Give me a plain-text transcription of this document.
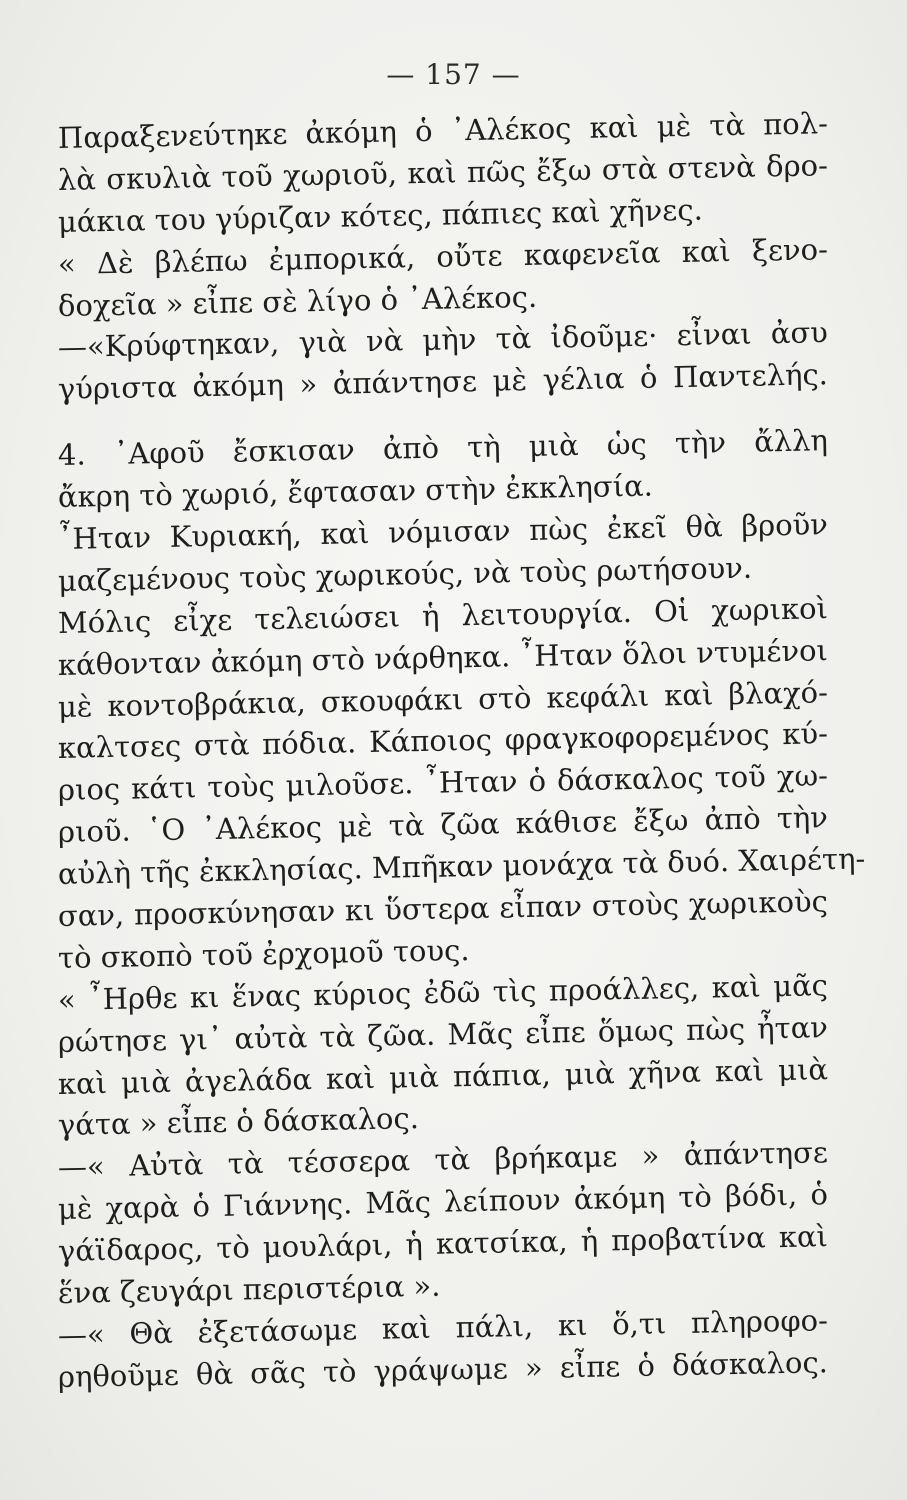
— 157 —
Παραξενεύτηκε ἀκόμη ὁ ᾽Αλέκος καὶ μὲ τὰ πολ-
λὰ σκυλιὰ τοῦ χωριοῦ, καὶ πῶς ἔξω στὰ στενὰ δρο-
μάκια του γύριζαν κότες, πάπιες καὶ χῆνες.
« Δὲ βλέπω ἐμπορικά, οὔτε καφενεῖα καὶ ξενο-
δοχεῖα » εἶπε σὲ λίγο ὁ ᾽Αλέκος.
—«Κρύφτηκαν, γιὰ νὰ μὴν τὰ ἰδοῦμε· εἶναι ἀσυ
γύριστα ἀκόμη » ἀπάντησε μὲ γέλια ὁ Παντελής.
4. ᾽Αφοῦ ἔσκισαν ἀπὸ τὴ μιὰ ὡς τὴν ἄλλη
ἄκρη τὸ χωριό, ἔφτασαν στὴν ἐκκλησία.
῏Ηταν Κυριακή, καὶ νόμισαν πὼς ἐκεῖ θὰ βροῦν
μαζεμένους τοὺς χωρικούς, νὰ τοὺς ρωτήσουν.
Μόλις εἶχε τελειώσει ἡ λειτουργία. Οἱ χωρικοὶ
κάθονταν ἀκόμη στὸ νάρθηκα. ῏Ηταν ὅλοι ντυμένοι
μὲ κοντοβράκια, σκουφάκι στὸ κεφάλι καὶ βλαχό-
καλτσες στὰ πόδια. Κάποιος φραγκοφορεμένος κύ-
ριος κάτι τοὺς μιλοῦσε. ῏Ηταν ὁ δάσκαλος τοῦ χω-
ριοῦ. ῾Ο ᾽Αλέκος μὲ τὰ ζῶα κάθισε ἔξω ἀπὸ τὴν
αὐλὴ τῆς ἐκκλησίας. Μπῆκαν μονάχα τὰ δυό. Χαιρέτη-
σαν, προσκύνησαν κι ὕστερα εἶπαν στοὺς χωρικοὺς
τὸ σκοπὸ τοῦ ἐρχομοῦ τους.
« ῏Ηρθε κι ἕνας κύριος ἐδῶ τὶς προάλλες, καὶ μᾶς
ρώτησε γι᾽ αὐτὰ τὰ ζῶα. Μᾶς εἶπε ὅμως πὼς ἦταν
καὶ μιὰ ἀγελάδα καὶ μιὰ πάπια, μιὰ χῆνα καὶ μιὰ
γάτα » εἶπε ὁ δάσκαλος.
—« Αὐτὰ τὰ τέσσερα τὰ βρήκαμε » ἀπάντησε
μὲ χαρὰ ὁ Γιάννης. Μᾶς λείπουν ἀκόμη τὸ βόδι, ὁ
γάϊδαρος, τὸ μουλάρι, ἡ κατσίκα, ἡ προβατίνα καὶ
ἕνα ζευγάρι περιστέρια ».
—« Θὰ ἐξετάσωμε καὶ πάλι, κι ὅ,τι πληροφο-
ρηθοῦμε θὰ σᾶς τὸ γράψωμε » εἶπε ὁ δάσκαλος.
